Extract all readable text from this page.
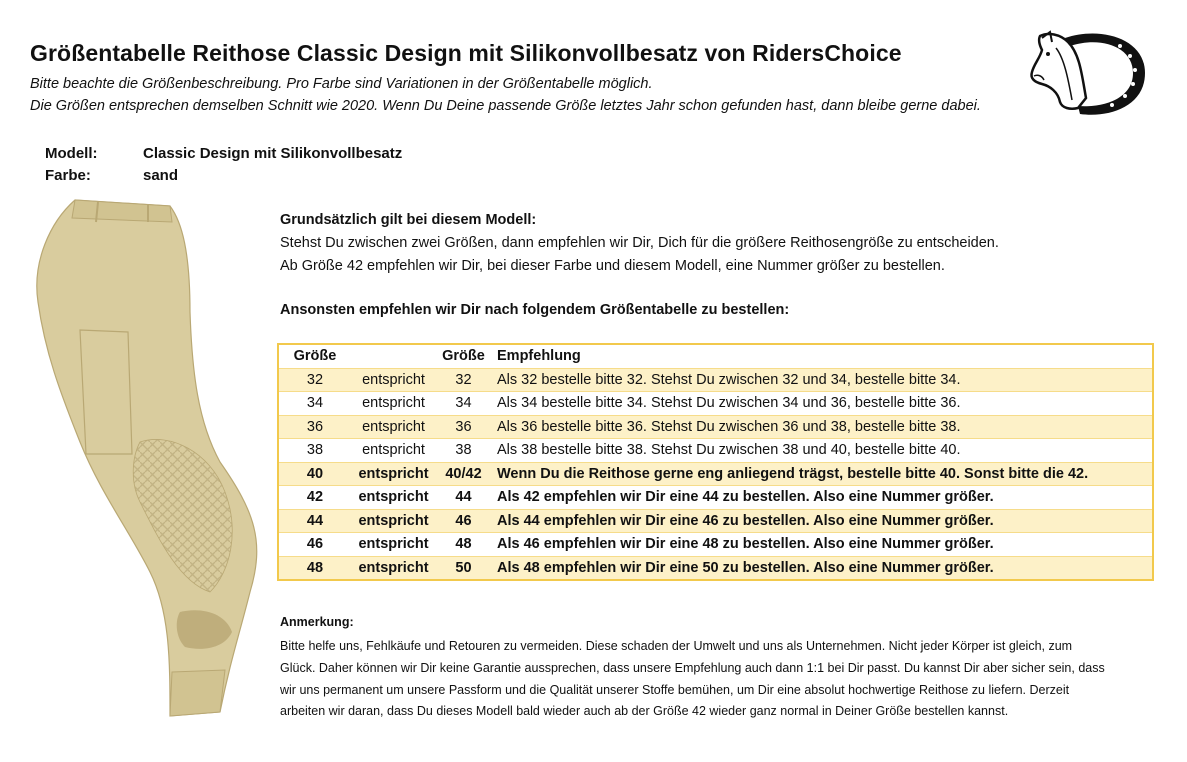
Größentabelle Reithose Classic Design mit Silikonvollbesatz von RidersChoice
Bitte beachte die Größenbeschreibung. Pro Farbe sind Variationen in der Größentabelle möglich.
Die Größen entsprechen demselben Schnitt wie 2020. Wenn Du Deine passende Größe letztes Jahr schon gefunden hast, dann bleibe gerne dabei.
Modell:	Classic Design mit Silikonvollbesatz
Farbe:	sand
Grundsätzlich gilt bei diesem Modell:
Stehst Du zwischen zwei Größen, dann empfehlen wir Dir, Dich für die größere Reithosengröße zu entscheiden.
Ab Größe 42 empfehlen wir Dir, bei dieser Farbe und diesem Modell, eine Nummer größer zu bestellen.
Ansonsten empfehlen wir Dir nach folgendem Größentabelle zu bestellen:
Größe		Größe	Empfehlung
32	entspricht	32	Als 32 bestelle bitte 32. Stehst Du zwischen 32 und 34, bestelle bitte 34.
34	entspricht	34	Als 34 bestelle bitte 34. Stehst Du zwischen 34 und 36, bestelle bitte 36.
36	entspricht	36	Als 36 bestelle bitte 36. Stehst Du zwischen 36 und 38, bestelle bitte 38.
38	entspricht	38	Als 38 bestelle bitte 38. Stehst Du zwischen 38 und 40, bestelle bitte 40.
40	entspricht	40/42	Wenn Du die Reithose gerne eng anliegend trägst, bestelle bitte 40. Sonst bitte die 42.
42	entspricht	44	Als 42 empfehlen wir Dir eine 44 zu bestellen. Also eine Nummer größer.
44	entspricht	46	Als 44 empfehlen wir Dir eine 46 zu bestellen. Also eine Nummer größer.
46	entspricht	48	Als 46 empfehlen wir Dir eine 48 zu bestellen. Also eine Nummer größer.
48	entspricht	50	Als 48 empfehlen wir Dir eine 50 zu bestellen. Also eine Nummer größer.
Anmerkung:
Bitte helfe uns, Fehlkäufe und Retouren zu vermeiden. Diese schaden der Umwelt und uns als Unternehmen. Nicht jeder Körper ist gleich, zum Glück. Daher können wir Dir keine Garantie aussprechen, dass unsere Empfehlung auch dann 1:1 bei Dir passt. Du kannst Dir aber sicher sein, dass wir uns permanent um unsere Passform und die Qualität unserer Stoffe bemühen, um Dir eine absolut hochwertige Reithose zu liefern. Derzeit arbeiten wir daran, dass Du dieses Modell bald wieder auch ab der Größe 42 wieder ganz normal in Deiner Größe bestellen kannst.
